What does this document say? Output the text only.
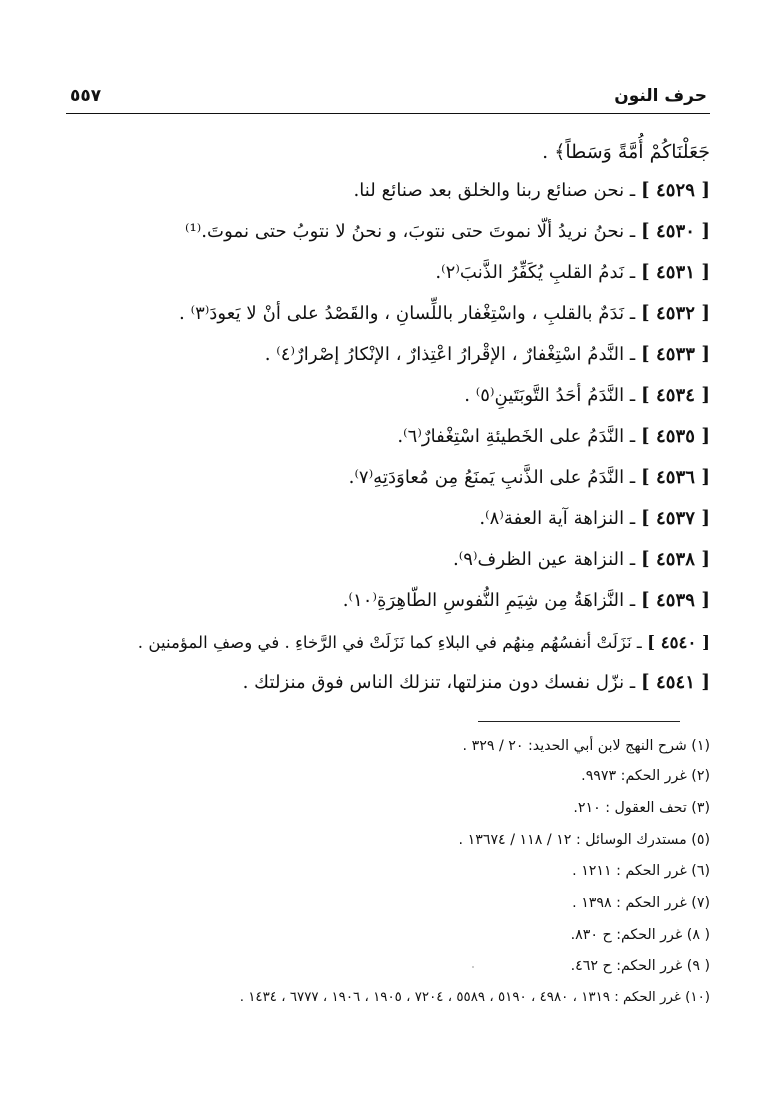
٥٥٧	حرف النون
جَعَلْنَاكُمْ أُمَّةً وَسَطاً﴾ .
[ ٤٥٢٩ ] ـ نحن صنائع ربنا والخلق بعد صنائع لنا.
[ ٤٥٣٠ ] ـ نحنُ نريدُ ألّا نموتَ حتى نتوبَ، و نحنُ لا نتوبُ حتى نموتَ.⁽¹⁾
[ ٤٥٣١ ] ـ نَدمُ القلبِ يُكَفِّرُ الذَّنبَ⁽٢⁾.
[ ٤٥٣٢ ] ـ نَدَمٌ بالقلبِ ، واسْتِغْفار باللِّسانِ ، والقَصْدُ على أنْ لا يَعودَ⁽٣⁾ .
[ ٤٥٣٣ ] ـ النَّدمُ اسْتِغْفارٌ ، الإقْرارُ اعْتِذارٌ ، الإنْكارُ إصْرارٌ⁽٤⁾ .
[ ٤٥٣٤ ] ـ النَّدَمُ أحَدُ التَّوبَتَينِ⁽٥⁾ .
[ ٤٥٣٥ ] ـ النَّدَمُ على الخَطيئةِ اسْتِغْفارٌ⁽٦⁾.
[ ٤٥٣٦ ] ـ النَّدَمُ على الذَّنبِ يَمنَعُ مِن مُعاوَدَتِهِ⁽٧⁾.
[ ٤٥٣٧ ] ـ النزاهة آية العفة⁽٨⁾.
[ ٤٥٣٨ ] ـ النزاهة عين الظرف⁽٩⁾.
[ ٤٥٣٩ ] ـ النَّزاهَةُ مِن شِيَمِ النُّفوسِ الطّاهِرَةِ⁽١٠⁾.
[ ٤٥٤٠ ] ـ نَزَلَتْ أنفسُهُم مِنهُم في البلاءِ كما نَزَلَتْ في الرَّخاءِ . في وصفِ المؤمنين .
[ ٤٥٤١ ] ـ نزّل نفسك دون منزلتها، تنزلك الناس فوق منزلتك .
(١) شرح النهج لابن أبي الحديد: ٢٠ / ٣٢٩ .
(٢) غرر الحكم: ٩٩٧٣.
(٣) تحف العقول : ٢١٠.
(٥) مستدرك الوسائل : ١٢ / ١١٨ / ١٣٦٧٤ .
(٦) غرر الحكم : ١٢١١ .
(٧) غرر الحكم : ١٣٩٨ .
( ٨) غرر الحكم: ح ٨٣٠.
( ٩) غرر الحكم: ح ٤٦٢.
(١٠) غرر الحكم : ١٣١٩ ، ٤٩٨٠ ، ٥١٩٠ ، ٥٥٨٩ ، ٧٢٠٤ ، ١٩٠٥ ، ١٩٠٦ ، ٦٧٧٧ ، ١٤٣٤ .
